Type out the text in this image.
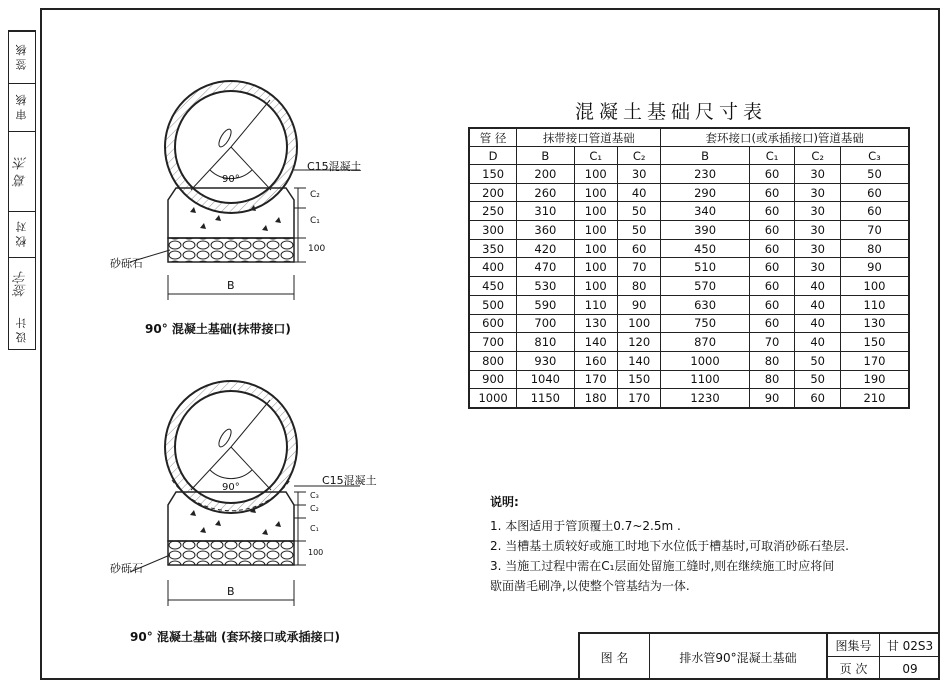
签 核
审 核
葛 杰
校 对
签字
设 计
C15混凝土
砂砾石
90°
B
C₂
C₁
100
90° 混凝土基础(抹带接口)
C15混凝土
砂砾石
90°
B
C₃
C₂
C₁
100
90° 混凝土基础 (套环接口或承插接口)
混凝土基础尺寸表
管 径	抹带接口管道基础			套环接口(或承插接口)管道基础			
D	B	C₁	C₂	B	C₁	C₂	C₃
150	200	100	30	230	60	30	50
200	260	100	40	290	60	30	60
250	310	100	50	340	60	30	60
300	360	100	50	390	60	30	70
350	420	100	60	450	60	30	80
400	470	100	70	510	60	30	90
450	530	100	80	570	60	40	100
500	590	110	90	630	60	40	110
600	700	130	100	750	60	40	130
700	810	140	120	870	70	40	150
800	930	160	140	1000	80	50	170
900	1040	170	150	1100	80	50	190
1000	1150	180	170	1230	90	60	210
说明:
1. 本图适用于管顶覆土0.7~2.5m .
2. 当槽基土质较好或施工时地下水位低于槽基时,可取消砂砾石垫层.
3. 当施工过程中需在C₁层面处留施工缝时,则在继续施工时应将间
歇面凿毛刷净,以使整个管基结为一体.
图 名	排水管90°混凝土基础
图集号	甘 02S3
页 次	09
